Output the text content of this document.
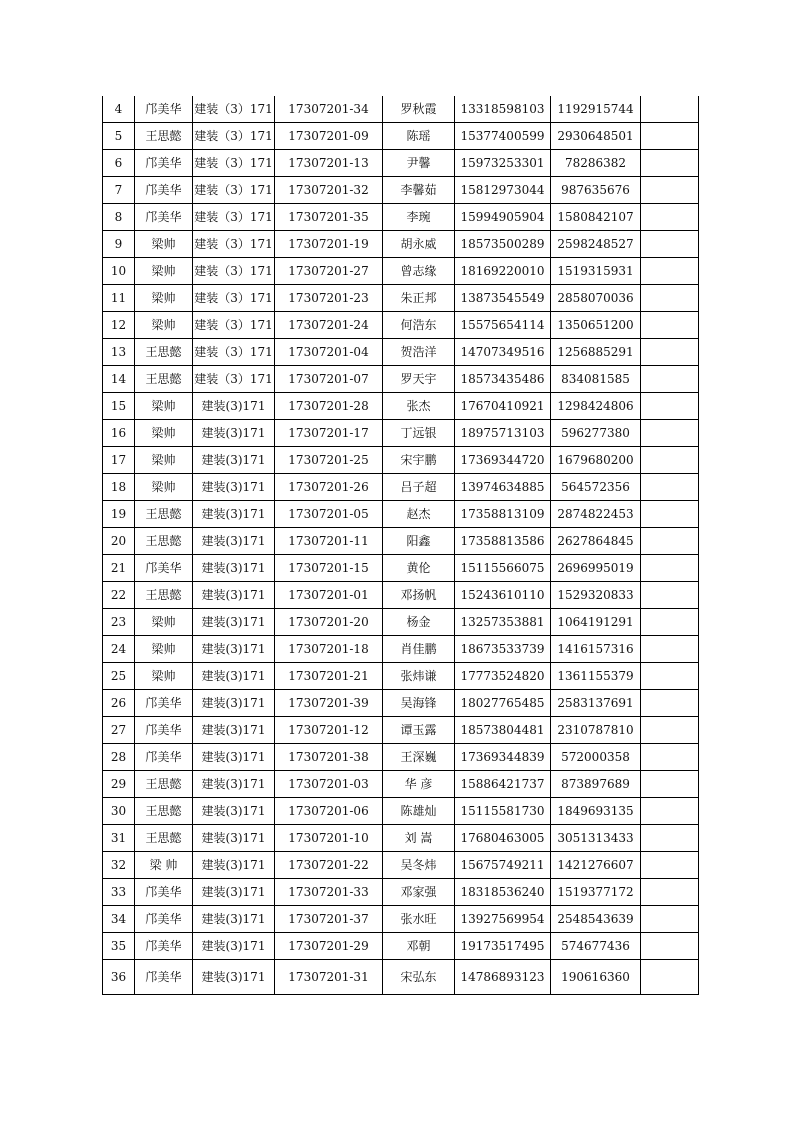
4	邝美华	建装（3）171	17307201-34	罗秋霞	13318598103	1192915744	
5	王思懿	建装（3）171	17307201-09	陈瑶	15377400599	2930648501	
6	邝美华	建装（3）171	17307201-13	尹馨	15973253301	78286382	
7	邝美华	建装（3）171	17307201-32	李馨茹	15812973044	987635676	
8	邝美华	建装（3）171	17307201-35	李琬	15994905904	1580842107	
9	梁帅	建装（3）171	17307201-19	胡永威	18573500289	2598248527	
10	梁帅	建装（3）171	17307201-27	曾志缘	18169220010	1519315931	
11	梁帅	建装（3）171	17307201-23	朱正邦	13873545549	2858070036	
12	梁帅	建装（3）171	17307201-24	何浩东	15575654114	1350651200	
13	王思懿	建装（3）171	17307201-04	贺浩洋	14707349516	1256885291	
14	王思懿	建装（3）171	17307201-07	罗天宇	18573435486	834081585	
15	梁帅	建装(3)171	17307201-28	张杰	17670410921	1298424806	
16	梁帅	建装(3)171	17307201-17	丁远银	18975713103	596277380	
17	梁帅	建装(3)171	17307201-25	宋宇鹏	17369344720	1679680200	
18	梁帅	建装(3)171	17307201-26	吕子超	13974634885	564572356	
19	王思懿	建装(3)171	17307201-05	赵杰	17358813109	2874822453	
20	王思懿	建装(3)171	17307201-11	阳鑫	17358813586	2627864845	
21	邝美华	建装(3)171	17307201-15	黄伦	15115566075	2696995019	
22	王思懿	建装(3)171	17307201-01	邓扬帆	15243610110	1529320833	
23	梁帅	建装(3)171	17307201-20	杨金	13257353881	1064191291	
24	梁帅	建装(3)171	17307201-18	肖佳鹏	18673533739	1416157316	
25	梁帅	建装(3)171	17307201-21	张炜谦	17773524820	1361155379	
26	邝美华	建装(3)171	17307201-39	吴海锋	18027765485	2583137691	
27	邝美华	建装(3)171	17307201-12	谭玉露	18573804481	2310787810	
28	邝美华	建装(3)171	17307201-38	王深巍	17369344839	572000358	
29	王思懿	建装(3)171	17307201-03	华 彦	15886421737	873897689	
30	王思懿	建装(3)171	17307201-06	陈雄灿	15115581730	1849693135	
31	王思懿	建装(3)171	17307201-10	刘 嵩	17680463005	3051313433	
32	梁 帅	建装(3)171	17307201-22	吴冬炜	15675749211	1421276607	
33	邝美华	建装(3)171	17307201-33	邓家强	18318536240	1519377172	
34	邝美华	建装(3)171	17307201-37	张水旺	13927569954	2548543639	
35	邝美华	建装(3)171	17307201-29	邓朝	19173517495	574677436	
36	邝美华	建装(3)171	17307201-31	宋弘东	14786893123	190616360	
